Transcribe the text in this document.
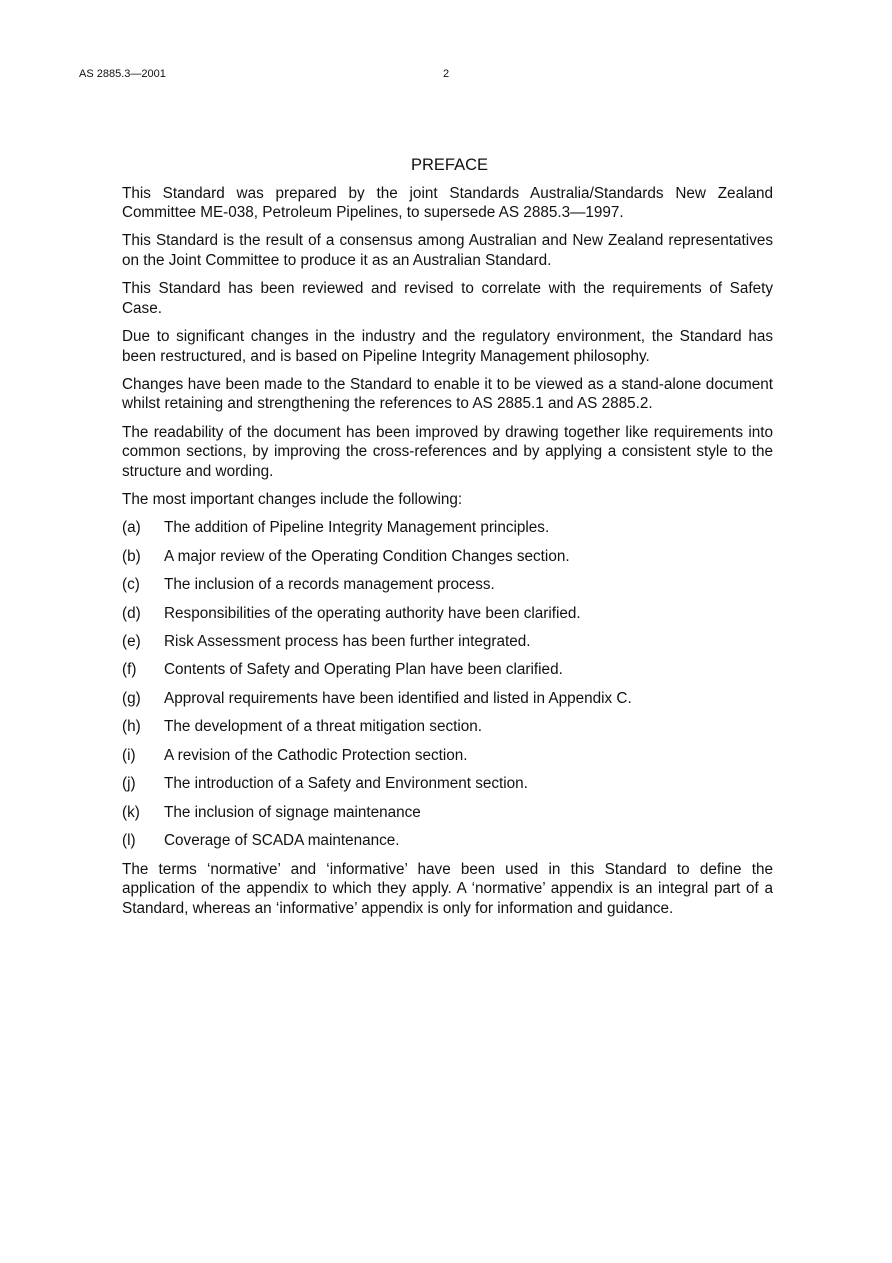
AS 2885.3—2001	2
PREFACE

This Standard was prepared by the joint Standards Australia/Standards New Zealand Committee ME-038, Petroleum Pipelines, to supersede AS 2885.3—1997.

This Standard is the result of a consensus among Australian and New Zealand representatives on the Joint Committee to produce it as an Australian Standard.

This Standard has been reviewed and revised to correlate with the requirements of Safety Case.

Due to significant changes in the industry and the regulatory environment, the Standard has been restructured, and is based on Pipeline Integrity Management philosophy.

Changes have been made to the Standard to enable it to be viewed as a stand-alone document whilst retaining and strengthening the references to AS 2885.1 and AS 2885.2.

The readability of the document has been improved by drawing together like requirements into common sections, by improving the cross-references and by applying a consistent style to the structure and wording.

The most important changes include the following:

(a)	The addition of Pipeline Integrity Management principles.
(b)	A major review of the Operating Condition Changes section.
(c)	The inclusion of a records management process.
(d)	Responsibilities of the operating authority have been clarified.
(e)	Risk Assessment process has been further integrated.
(f)	Contents of Safety and Operating Plan have been clarified.
(g)	Approval requirements have been identified and listed in Appendix C.
(h)	The development of a threat mitigation section.
(i)	A revision of the Cathodic Protection section.
(j)	The introduction of a Safety and Environment section.
(k)	The inclusion of signage maintenance
(l)	Coverage of SCADA maintenance.

The terms ‘normative’ and ‘informative’ have been used in this Standard to define the application of the appendix to which they apply. A ‘normative’ appendix is an integral part of a Standard, whereas an ‘informative’ appendix is only for information and guidance.
